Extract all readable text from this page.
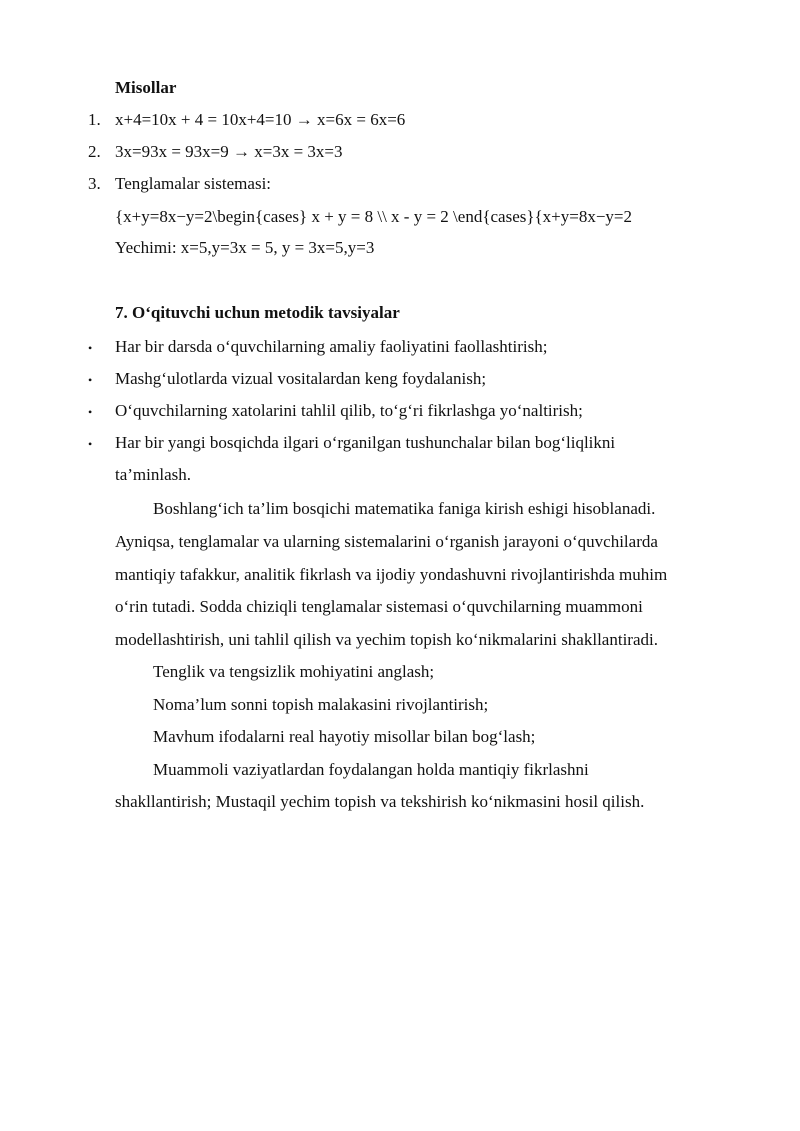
Misollar
1. x+4=10x + 4 = 10x+4=10 → x=6x = 6x=6
2. 3x=93x = 93x=9 → x=3x = 3x=3
3. Tenglamalar sistemasi:
{x+y=8x−y=2\begin{cases} x + y = 8 \\ x - y = 2 \end{cases}{x+y=8x−y=2
Yechimi: x=5,y=3x = 5, y = 3x=5,y=3
7. O‘qituvchi uchun metodik tavsiyalar
• Har bir darsda o‘quvchilarning amaliy faoliyatini faollashtirish;
• Mashg‘ulotlarda vizual vositalardan keng foydalanish;
• O‘quvchilarning xatolarini tahlil qilib, to‘g‘ri fikrlashga yo‘naltirish;
• Har bir yangi bosqichda ilgari o‘rganilgan tushunchalar bilan bog‘liqlikni
ta’minlash.
Boshlang‘ich ta’lim bosqichi matematika faniga kirish eshigi hisoblanadi.
Ayniqsa, tenglamalar va ularning sistemalarini o‘rganish jarayoni o‘quvchilarda
mantiqiy tafakkur, analitik fikrlash va ijodiy yondashuvni rivojlantirishda muhim
o‘rin tutadi. Sodda chiziqli tenglamalar sistemasi o‘quvchilarning muammoni
modellashtirish, uni tahlil qilish va yechim topish ko‘nikmalarini shakllantiradi.
Tenglik va tengsizlik mohiyatini anglash;
Noma’lum sonni topish malakasini rivojlantirish;
Mavhum ifodalarni real hayotiy misollar bilan bog‘lash;
Muammoli vaziyatlardan foydalangan holda mantiqiy fikrlashni
shakllantirish; Mustaqil yechim topish va tekshirish ko‘nikmasini hosil qilish.
